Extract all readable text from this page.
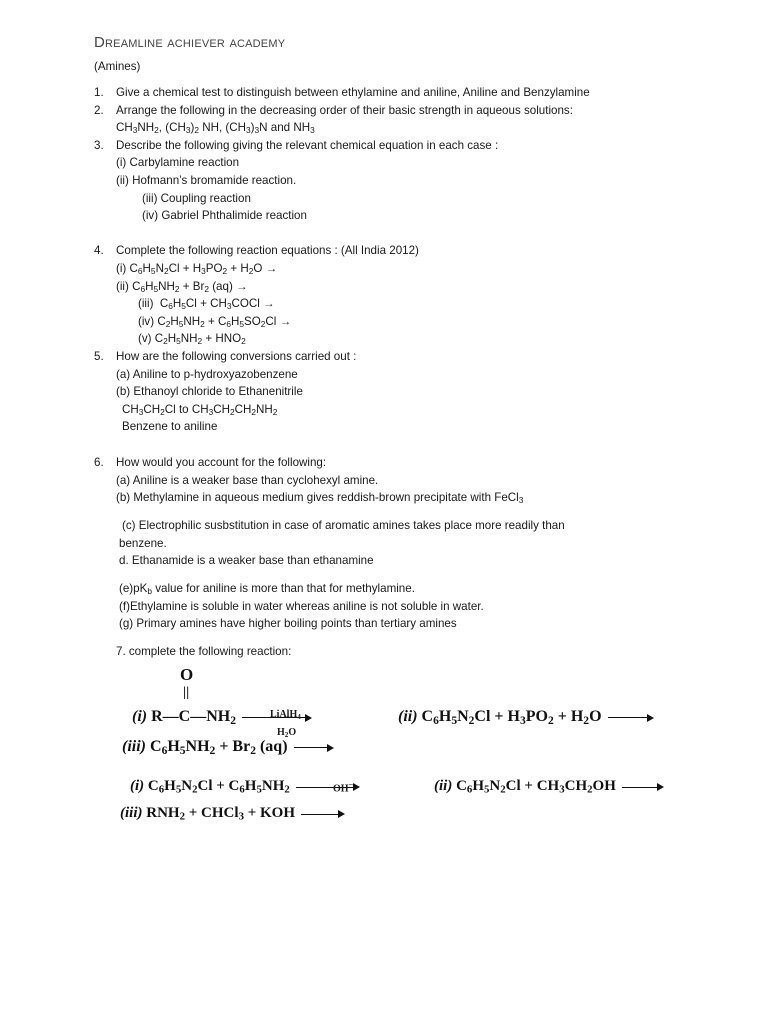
Dreamline achiever academy
(Amines)
1.	Give a chemical test to distinguish between ethylamine and aniline, Aniline and Benzylamine
2.	Arrange the following in the decreasing order of their basic strength in aqueous solutions:
$CH_3NH_2$, $(CH_3)_2$ NH, $(CH_3)_3N$ and $NH_3$
3.	Describe the following giving the relevant chemical equation in each case :
(i) Carbylamine reaction
(ii) Hofmann’s bromamide reaction.
(iii) Coupling reaction
(iv) Gabriel Phthalimide reaction
4.	Complete the following reaction equations : (All India 2012)
(i) $C_6H_5N_2Cl + H_3PO_2 + H_2O$ →
(ii) $C_6H_5NH_2 + Br_2$ (aq) →
(iii)  $C_6H_5Cl$ + $CH_3COCl$ →
(iv) $C_2H_5NH_2 + C_6H_5SO_2Cl$ →
(v) $C_2H_5NH_2 + HNO_2$
5.	How are the following conversions carried out :
(a) Aniline to p-hydroxyazobenzene
(b) Ethanoyl chloride to Ethanenitrile
$CH_3CH_2Cl$ to $CH_3CH_2CH_2NH_2$
Benzene to aniline
6.	How would you account for the following:
(a) Aniline is a weaker base than cyclohexyl amine.
(b) Methylamine in aqueous medium gives reddish-brown precipitate with FeCl$_3$
(c) Electrophilic susbstitution in case of aromatic amines takes place more readily than
benzene.
d. Ethanamide is a weaker base than ethanamine
$(e)pK_b$ value for aniline is more than that for methylamine.
(f)Ethylamine is soluble in water whereas aniline is not soluble in water.
(g) Primary amines have higher boiling points than tertiary amines
7. complete the following reaction:
O
||
(i) $R—C—NH_2$
LiAlH$_4$
$H_2O$
(ii) $C_6H_5N_2Cl + H_3PO_2 + H_2O$
(iii) $C_6H_5NH_2 + Br_2$ (aq)
(i) $C_6H_5N_2Cl + C_6H_5NH_2$	OH−	(ii) $C_6H_5N_2Cl + CH_3CH_2OH$
(iii) $RNH_2$ + CHCl$_3$ + KOH
